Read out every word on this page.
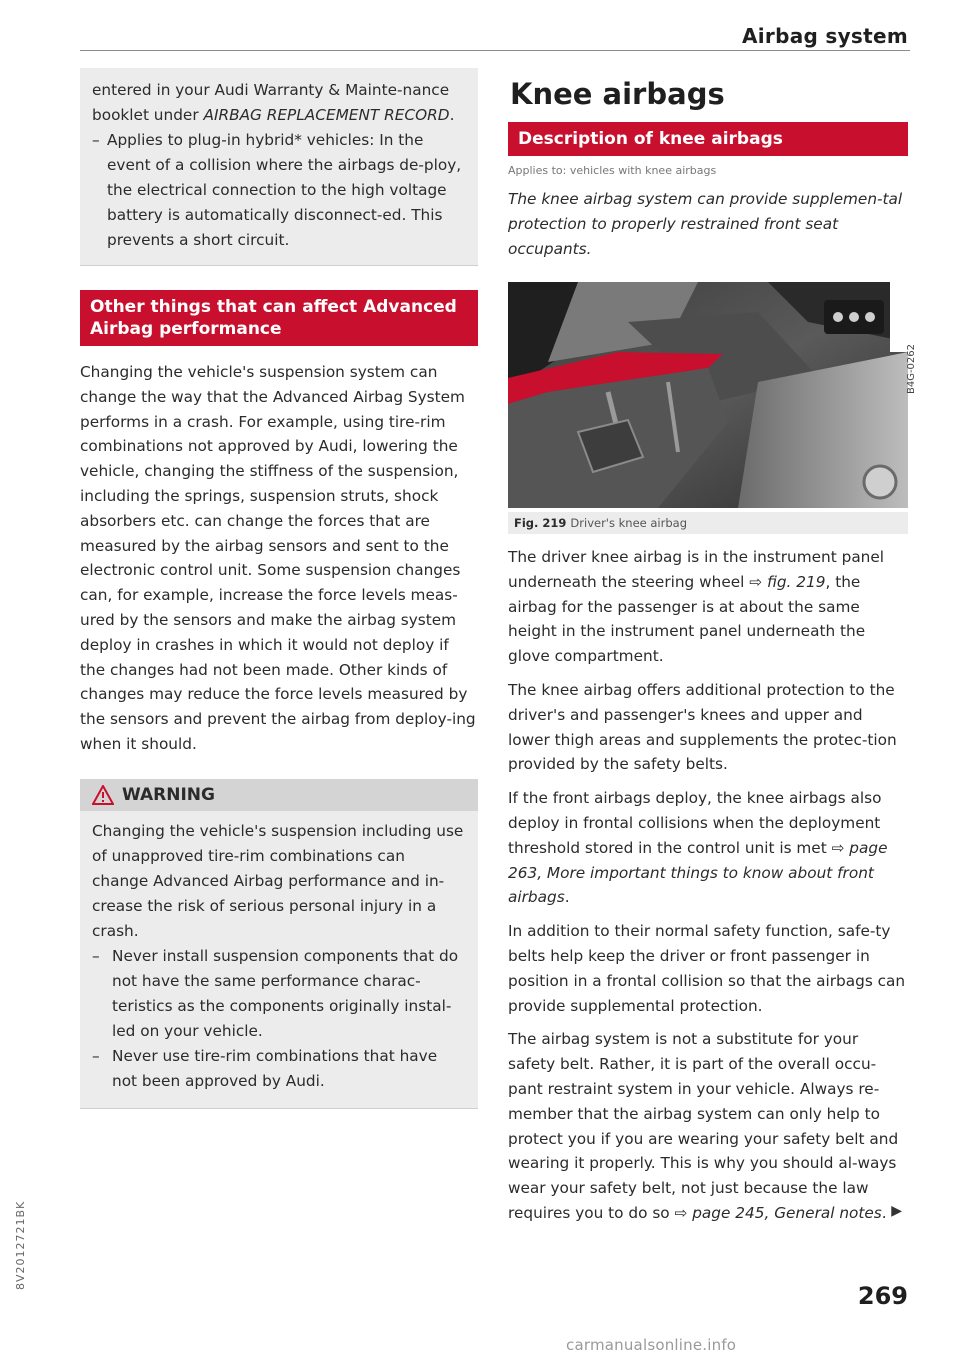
Airbag system

entered in your Audi Warranty & Mainte-nance booklet under AIRBAG REPLACEMENT RECORD.

– Applies to plug-in hybrid* vehicles: In the event of a collision where the airbags de-ploy, the electrical connection to the high voltage battery is automatically disconnect-ed. This prevents a short circuit.

Other things that can affect Advanced Airbag performance

Changing the vehicle's suspension system can change the way that the Advanced Airbag System performs in a crash. For example, using tire-rim combinations not approved by Audi, lowering the vehicle, changing the stiffness of the suspension, including the springs, suspension struts, shock absorbers etc. can change the forces that are measured by the airbag sensors and sent to the electronic control unit. Some suspension changes can, for example, increase the force levels meas-ured by the sensors and make the airbag system deploy in crashes in which it would not deploy if the changes had not been made. Other kinds of changes may reduce the force levels measured by the sensors and prevent the airbag from deploy-ing when it should.

WARNING

Changing the vehicle's suspension including use of unapproved tire-rim combinations can change Advanced Airbag performance and in-crease the risk of serious personal injury in a crash.

– Never install suspension components that do not have the same performance charac-teristics as the components originally instal-led on your vehicle.

– Never use tire-rim combinations that have not been approved by Audi.

Knee airbags
Description of knee airbags
Applies to: vehicles with knee airbags

The knee airbag system can provide supplemen-tal protection to properly restrained front seat occupants.

B4G-0262
Fig. 219 Driver's knee airbag

The driver knee airbag is in the instrument panel underneath the steering wheel ⇨ fig. 219, the airbag for the passenger is at about the same height in the instrument panel underneath the glove compartment.

The knee airbag offers additional protection to the driver's and passenger's knees and upper and lower thigh areas and supplements the protec-tion provided by the safety belts.

If the front airbags deploy, the knee airbags also deploy in frontal collisions when the deployment threshold stored in the control unit is met ⇨ page 263, More important things to know about front airbags.

In addition to their normal safety function, safe-ty belts help keep the driver or front passenger in position in a frontal collision so that the airbags can provide supplemental protection.

The airbag system is not a substitute for your safety belt. Rather, it is part of the overall occu-pant restraint system in your vehicle. Always re-member that the airbag system can only help to protect you if you are wearing your safety belt and wearing it properly. This is why you should al-ways wear your safety belt, not just because the law requires you to do so ⇨ page 245, General notes. ▶

269
8V2012721BK
carmanualsonline.info
